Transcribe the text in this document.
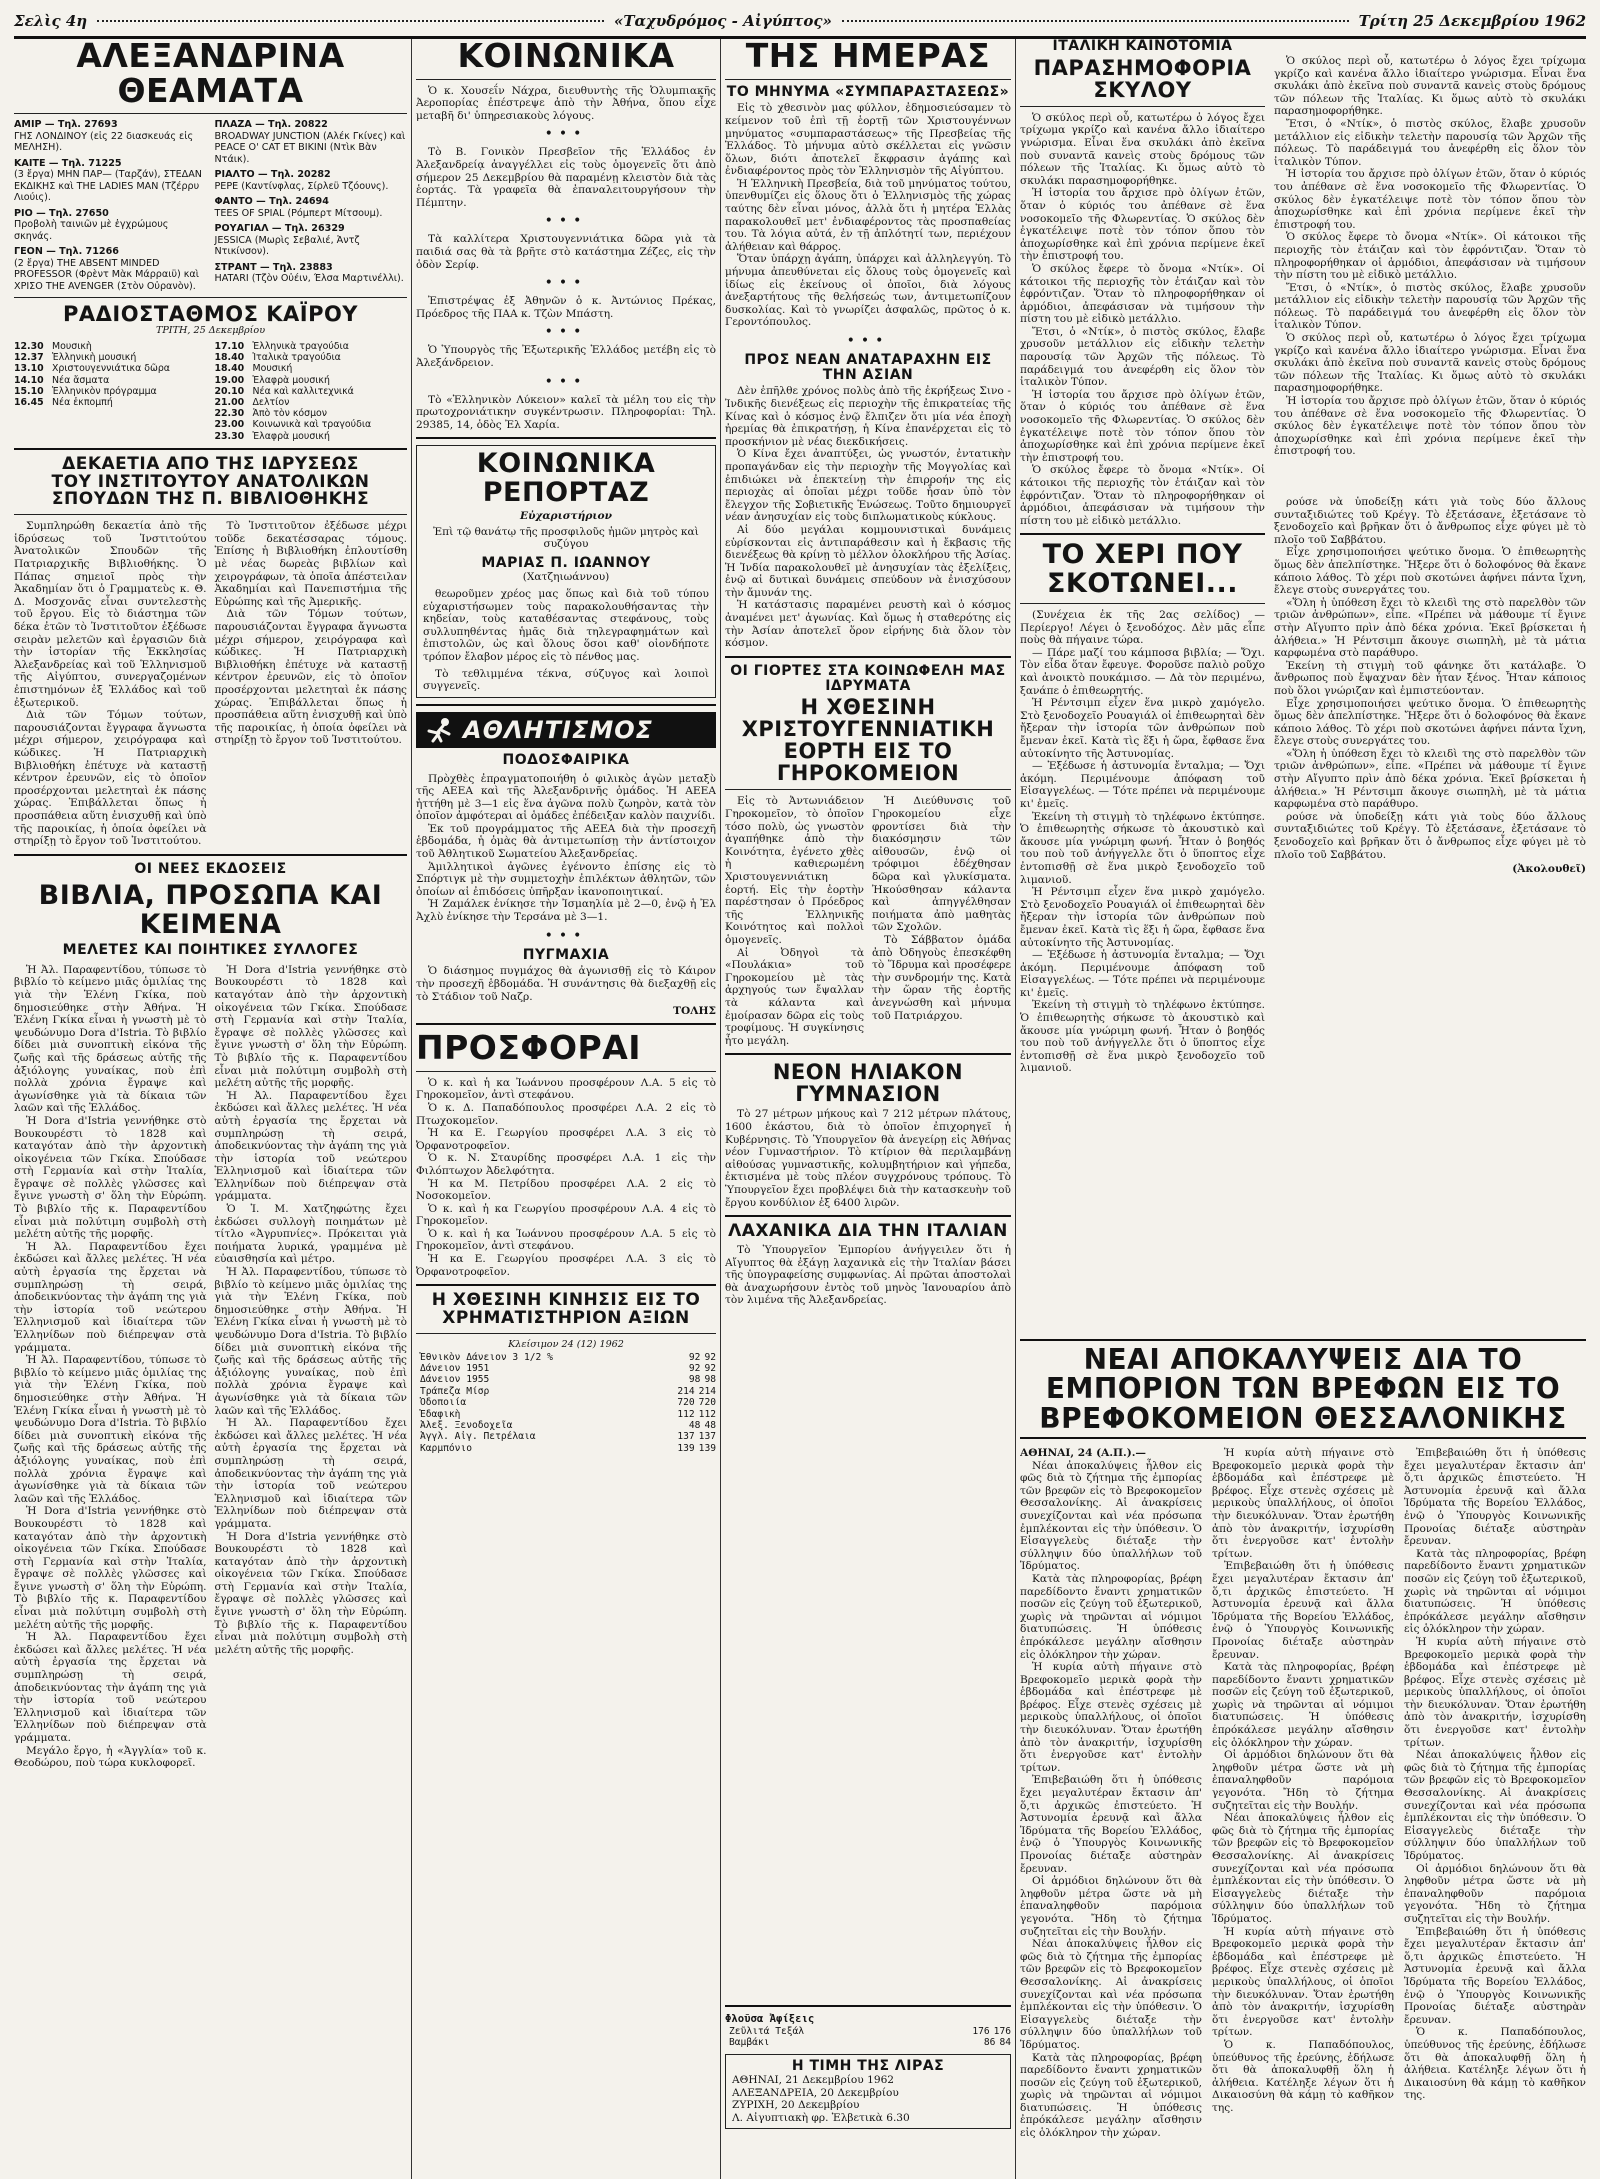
Σελὶς 4η	«Ταχυδρόμος - Αἰγύπτος»	Τρίτη 25 Δεκεμβρίου 1962
ΑΛΕΞΑΝΔΡΙΝΑ ΘΕΑΜΑΤΑ
ΑΜΙΡ — Τηλ. 27693
ΓΗΣ ΛΟΝΔΙΝΟΥ (εἰς 22 διασκευάς εἰς ΜΕΛΗΣΗ).
ΚΑΙΤΕ — Τηλ. 71225
(3 ἔργα) ΜΗΝ ΠΑΡ— (Ταρζάν), ΣΤΕΔΑΝ ΕΚΔΙΚΗΣ καὶ THE LADIES MAN (Τζέρρυ Λιούις).
ΡΙΟ — Τηλ. 27650
Προβολὴ ταινιῶν μὲ ἐγχρώμους σκηνάς.
ΓΕΟΝ — Τηλ. 71266
(2 ἔργα) THE ABSENT MINDED PROFESSOR (Φρὲντ Μὰκ Μάρραιϋ) καὶ ΧΡΙΣΟ THE AVENGER (Στὸν Οὐρανὸν).
ΠΛΑΖΑ — Τηλ. 20822
BROADWAY JUNCTION (Αλέκ Γκίνες) καὶ PEACE O' CAT ET BIKINI (Ντὶκ Βὰν Ντάικ).
ΡΙΑΛΤΟ — Τηλ. 20282
PEPE (Καντίνφλας, Σίρλεϋ Τζόουνς).
ΦΑΝΤΟ — Τηλ. 24694
TEES OF SPIAL (Ρόμπερτ Μίτσουμ).
ΡΟΥΑΓΙΑΛ — Τηλ. 26329
JESSICA (Μωρὶς Σεβαλιέ, Ἀντζ Ντικίνσον).
ΣΤΡΑΝΤ — Τηλ. 23883
HATARI (Τζὸν Οὐέιν, Έλσα Μαρτινέλλι).
ΡΑΔΙΟΣΤΑΘΜΟΣ ΚΑΪΡΟΥ
ΤΡΙΤΗ, 25 Δεκεμβρίου
12.30 Μουσικὴ
12.37 Ἑλληνικὴ μουσική
13.10 Χριστουγεννιάτικα δῶρα
14.10 Νέα ἄσματα
15.10 Ἑλληνικὸν πρόγραμμα
16.45 Νέα ἐκπομπή
17.10 Ἑλληνικὰ τραγούδια
18.40 Ἰταλικὰ τραγούδια
18.40 Μουσική
19.00 Ἐλαφρὰ μουσική
20.10 Νέα καὶ καλλιτεχνικά
21.00 Δελτίον
22.30 Ἀπὸ τὸν κόσμον
23.00 Κοινωνικὰ καὶ τραγούδια
23.30 Ἐλαφρὰ μουσική
ΔΕΚΑΕΤΙΑ ΑΠΟ ΤΗΣ ΙΔΡΥΣΕΩΣ
ΤΟΥ ΙΝΣΤΙΤΟΥΤΟΥ ΑΝΑΤΟΛΙΚΩΝ
ΣΠΟΥΔΩΝ ΤΗΣ Π. ΒΙΒΛΙΟΘΗΚΗΣ

Συμπληρώθη δεκαετία ἀπὸ τῆς ἱδρύσεως τοῦ Ἰνστιτούτου Ἀνατολικῶν Σπουδῶν τῆς Πατριαρχικῆς Βιβλιοθήκης. Ὁ Πάπας σημειοῖ πρὸς τὴν Ἀκαδημίαν ὅτι ὁ Γραμματεὺς κ. Θ. Δ. Μοσχονᾶς εἶναι συντελεστὴς τοῦ ἔργου. Εἰς τὸ διάστημα τῶν δέκα ἐτῶν τὸ Ἰνστιτοῦτον ἐξέδωσε σειρὰν μελετῶν καὶ ἐργασιῶν διὰ τὴν ἱστορίαν τῆς Ἐκκλησίας Ἀλεξανδρείας καὶ τοῦ Ἑλληνισμοῦ τῆς Αἰγύπτου, συνεργαζομένων ἐπιστημόνων ἐξ Ἑλλάδος καὶ τοῦ ἐξωτερικοῦ.

Διὰ τῶν Τόμων τούτων, παρουσιάζονται ἔγγραφα ἄγνωστα μέχρι σήμερον, χειρόγραφα καὶ κώδικες. Ἡ Πατριαρχικὴ Βιβλιοθήκη ἐπέτυχε νὰ καταστῇ κέντρον ἐρευνῶν, εἰς τὸ ὁποῖον προσέρχονται μελετηταὶ ἐκ πάσης χώρας. Ἐπιβάλλεται ὅπως ἡ προσπάθεια αὕτη ἐνισχυθῇ καὶ ὑπὸ τῆς παροικίας, ἡ ὁποία ὀφείλει νὰ στηρίξῃ τὸ ἔργον τοῦ Ἰνστιτούτου.

Τὸ Ἰνστιτοῦτον ἐξέδωσε μέχρι τοῦδε δεκατέσσαρας τόμους. Ἐπίσης ἡ Βιβλιοθήκη ἐπλουτίσθη μὲ νέας δωρεὰς βιβλίων καὶ χειρογράφων, τὰ ὁποῖα ἀπέστειλαν Ἀκαδημίαι καὶ Πανεπιστήμια τῆς Εὐρώπης καὶ τῆς Ἀμερικῆς.

Διὰ τῶν Τόμων τούτων, παρουσιάζονται ἔγγραφα ἄγνωστα μέχρι σήμερον, χειρόγραφα καὶ κώδικες. Ἡ Πατριαρχικὴ Βιβλιοθήκη ἐπέτυχε νὰ καταστῇ κέντρον ἐρευνῶν, εἰς τὸ ὁποῖον προσέρχονται μελετηταὶ ἐκ πάσης χώρας. Ἐπιβάλλεται ὅπως ἡ προσπάθεια αὕτη ἐνισχυθῇ καὶ ὑπὸ τῆς παροικίας, ἡ ὁποία ὀφείλει νὰ στηρίξῃ τὸ ἔργον τοῦ Ἰνστιτούτου.

ΟΙ ΝΕΕΣ ΕΚΔΟΣΕΙΣ
ΒΙΒΛΙΑ, ΠΡΟΣΩΠΑ ΚΑΙ ΚΕΙΜΕΝΑ
ΜΕΛΕΤΕΣ ΚΑΙ ΠΟΙΗΤΙΚΕΣ ΣΥΛΛΟΓΕΣ

Ἡ Ἀλ. Παραφεντίδου, τύπωσε τὸ βιβλίο τὸ κείμενο μιᾶς ὁμιλίας της γιὰ τὴν Ἑλένη Γκίκα, ποὺ δημοσιεύθηκε στὴν Ἀθήνα. Ἡ Ἑλένη Γκίκα εἶναι ἡ γνωστὴ μὲ τὸ ψευδώνυμο Dora d'Istria. Τὸ βιβλίο δίδει μιὰ συνοπτικὴ εἰκόνα τῆς ζωῆς καὶ τῆς δράσεως αὐτῆς τῆς ἀξιόλογης γυναίκας, ποὺ ἐπὶ πολλὰ χρόνια ἔγραψε καὶ ἀγωνίσθηκε γιὰ τὰ δίκαια τῶν λαῶν καὶ τῆς Ἑλλάδος.

Ἡ Dora d'Istria γεννήθηκε στὸ Βουκουρέστι τὸ 1828 καὶ καταγόταν ἀπὸ τὴν ἀρχοντικὴ οἰκογένεια τῶν Γκίκα. Σπούδασε στὴ Γερμανία καὶ στὴν Ἰταλία, ἔγραψε σὲ πολλὲς γλῶσσες καὶ ἔγινε γνωστὴ σ' ὅλη τὴν Εὐρώπη. Τὸ βιβλίο τῆς κ. Παραφεντίδου εἶναι μιὰ πολύτιμη συμβολὴ στὴ μελέτη αὐτῆς τῆς μορφῆς.

Ἡ Ἀλ. Παραφεντίδου ἔχει ἐκδώσει καὶ ἄλλες μελέτες. Ἡ νέα αὐτὴ ἐργασία της ἔρχεται νὰ συμπληρώσῃ τὴ σειρά, ἀποδεικνύοντας τὴν ἀγάπη της γιὰ τὴν ἱστορία τοῦ νεώτερου Ἑλληνισμοῦ καὶ ἰδιαίτερα τῶν Ἑλληνίδων ποὺ διέπρεψαν στὰ γράμματα.

Ἡ Ἀλ. Παραφεντίδου, τύπωσε τὸ βιβλίο τὸ κείμενο μιᾶς ὁμιλίας της γιὰ τὴν Ἑλένη Γκίκα, ποὺ δημοσιεύθηκε στὴν Ἀθήνα. Ἡ Ἑλένη Γκίκα εἶναι ἡ γνωστὴ μὲ τὸ ψευδώνυμο Dora d'Istria. Τὸ βιβλίο δίδει μιὰ συνοπτικὴ εἰκόνα τῆς ζωῆς καὶ τῆς δράσεως αὐτῆς τῆς ἀξιόλογης γυναίκας, ποὺ ἐπὶ πολλὰ χρόνια ἔγραψε καὶ ἀγωνίσθηκε γιὰ τὰ δίκαια τῶν λαῶν καὶ τῆς Ἑλλάδος.

Ἡ Dora d'Istria γεννήθηκε στὸ Βουκουρέστι τὸ 1828 καὶ καταγόταν ἀπὸ τὴν ἀρχοντικὴ οἰκογένεια τῶν Γκίκα. Σπούδασε στὴ Γερμανία καὶ στὴν Ἰταλία, ἔγραψε σὲ πολλὲς γλῶσσες καὶ ἔγινε γνωστὴ σ' ὅλη τὴν Εὐρώπη. Τὸ βιβλίο τῆς κ. Παραφεντίδου εἶναι μιὰ πολύτιμη συμβολὴ στὴ μελέτη αὐτῆς τῆς μορφῆς.

Ἡ Ἀλ. Παραφεντίδου ἔχει ἐκδώσει καὶ ἄλλες μελέτες. Ἡ νέα αὐτὴ ἐργασία της ἔρχεται νὰ συμπληρώσῃ τὴ σειρά, ἀποδεικνύοντας τὴν ἀγάπη της γιὰ τὴν ἱστορία τοῦ νεώτερου Ἑλληνισμοῦ καὶ ἰδιαίτερα τῶν Ἑλληνίδων ποὺ διέπρεψαν στὰ γράμματα.

Μεγάλο ἔργο, ἡ «Ἀγγλία» τοῦ κ. Θεοδώρου, ποὺ τώρα κυκλοφορεῖ.

Ἡ Dora d'Istria γεννήθηκε στὸ Βουκουρέστι τὸ 1828 καὶ καταγόταν ἀπὸ τὴν ἀρχοντικὴ οἰκογένεια τῶν Γκίκα. Σπούδασε στὴ Γερμανία καὶ στὴν Ἰταλία, ἔγραψε σὲ πολλὲς γλῶσσες καὶ ἔγινε γνωστὴ σ' ὅλη τὴν Εὐρώπη. Τὸ βιβλίο τῆς κ. Παραφεντίδου εἶναι μιὰ πολύτιμη συμβολὴ στὴ μελέτη αὐτῆς τῆς μορφῆς.

Ἡ Ἀλ. Παραφεντίδου ἔχει ἐκδώσει καὶ ἄλλες μελέτες. Ἡ νέα αὐτὴ ἐργασία της ἔρχεται νὰ συμπληρώσῃ τὴ σειρά, ἀποδεικνύοντας τὴν ἀγάπη της γιὰ τὴν ἱστορία τοῦ νεώτερου Ἑλληνισμοῦ καὶ ἰδιαίτερα τῶν Ἑλληνίδων ποὺ διέπρεψαν στὰ γράμματα.

Ὁ Ἰ. Μ. Χατζηφώτης ἔχει ἐκδώσει συλλογὴ ποιημάτων μὲ τίτλο «Ἀγρυπνίες». Πρόκειται γιὰ ποιήματα λυρικά, γραμμένα μὲ εὐαισθησία καὶ μέτρο.

Ἡ Ἀλ. Παραφεντίδου, τύπωσε τὸ βιβλίο τὸ κείμενο μιᾶς ὁμιλίας της γιὰ τὴν Ἑλένη Γκίκα, ποὺ δημοσιεύθηκε στὴν Ἀθήνα. Ἡ Ἑλένη Γκίκα εἶναι ἡ γνωστὴ μὲ τὸ ψευδώνυμο Dora d'Istria. Τὸ βιβλίο δίδει μιὰ συνοπτικὴ εἰκόνα τῆς ζωῆς καὶ τῆς δράσεως αὐτῆς τῆς ἀξιόλογης γυναίκας, ποὺ ἐπὶ πολλὰ χρόνια ἔγραψε καὶ ἀγωνίσθηκε γιὰ τὰ δίκαια τῶν λαῶν καὶ τῆς Ἑλλάδος.

Ἡ Ἀλ. Παραφεντίδου ἔχει ἐκδώσει καὶ ἄλλες μελέτες. Ἡ νέα αὐτὴ ἐργασία της ἔρχεται νὰ συμπληρώσῃ τὴ σειρά, ἀποδεικνύοντας τὴν ἀγάπη της γιὰ τὴν ἱστορία τοῦ νεώτερου Ἑλληνισμοῦ καὶ ἰδιαίτερα τῶν Ἑλληνίδων ποὺ διέπρεψαν στὰ γράμματα.

Ἡ Dora d'Istria γεννήθηκε στὸ Βουκουρέστι τὸ 1828 καὶ καταγόταν ἀπὸ τὴν ἀρχοντικὴ οἰκογένεια τῶν Γκίκα. Σπούδασε στὴ Γερμανία καὶ στὴν Ἰταλία, ἔγραψε σὲ πολλὲς γλῶσσες καὶ ἔγινε γνωστὴ σ' ὅλη τὴν Εὐρώπη. Τὸ βιβλίο τῆς κ. Παραφεντίδου εἶναι μιὰ πολύτιμη συμβολὴ στὴ μελέτη αὐτῆς τῆς μορφῆς.

ΚΟΙΝΩΝΙΚΑ

Ὁ κ. Χουσεΐν Νάχρα, διευθυντὴς τῆς Ὀλυμπιακῆς Ἀεροπορίας ἐπέστρεψε ἀπὸ τὴν Ἀθήνα, ὅπου εἶχε μεταβῆ δι' ὑπηρεσιακοὺς λόγους.

•••

Τὸ Β. Γονικὸν Πρεσβεῖον τῆς Ἑλλάδος ἐν Ἀλεξανδρείᾳ ἀναγγέλλει εἰς τοὺς ὁμογενεῖς ὅτι ἀπὸ σήμερον 25 Δεκεμβρίου θὰ παραμένῃ κλειστὸν διὰ τὰς ἑορτάς. Τὰ γραφεῖα θὰ ἐπαναλειτουργήσουν τὴν Πέμπτην.

•••

Τὰ καλλίτερα Χριστουγεννιάτικα δῶρα γιὰ τὰ παιδιά σας θὰ τὰ βρῆτε στὸ κατάστημα Ζέζες, εἰς τὴν ὁδὸν Σερίφ.

•••

Ἐπιστρέψας ἐξ Ἀθηνῶν ὁ κ. Ἀντώνιος Πρέκας, Πρόεδρος τῆς ΠΑΑ κ. Τζὼν Μπάστη.

•••

Ὁ Ὑπουργὸς τῆς Ἐξωτερικῆς Ἑλλάδος μετέβη εἰς τὸ Ἀλεξάνδρειον.

•••

Τὸ «Ἑλληνικὸν Λύκειον» καλεῖ τὰ μέλη του εἰς τὴν πρωτοχρονιάτικην συγκέντρωσιν. Πληροφορίαι: Τηλ. 29385, 14, ὁδὸς Ἐλ Χαρία.

ΚΟΙΝΩΝΙΚΑ ΡΕΠΟΡΤΑΖ
Εὐχαριστήριον

Ἐπὶ τῷ θανάτῳ τῆς προσφιλοῦς ἡμῶν μητρὸς καὶ συζύγου

ΜΑΡΙΑΣ Π. ΙΩΑΝΝΟΥ
(Χατζηιωάννου)

θεωροῦμεν χρέος μας ὅπως καὶ διὰ τοῦ τύπου εὐχαριστήσωμεν τοὺς παρακολουθήσαντας τὴν κηδείαν, τοὺς καταθέσαντας στεφάνους, τοὺς συλλυπηθέντας ἡμᾶς διὰ τηλεγραφημάτων καὶ ἐπιστολῶν, ὡς καὶ ὅλους ὅσοι καθ' οἱονδήποτε τρόπον ἔλαβον μέρος εἰς τὸ πένθος μας.

Τὸ τεθλιμμένα τέκνα, σύζυγος καὶ λοιποὶ συγγενεῖς.

ΑΘΛΗΤΙΣΜΟΣ
ΠΟΔΟΣΦΑΙΡΙΚΑ

Πρὸχθὲς ἐπραγματοποιήθη ὁ φιλικὸς ἀγὼν μεταξὺ τῆς ΑΕΕΑ καὶ τῆς Ἀλεξανδρινῆς ὁμάδος. Ἡ ΑΕΕΑ ἡττήθη μὲ 3—1 εἰς ἕνα ἀγῶνα πολὺ ζωηρὸν, κατὰ τὸν ὁποῖον ἀμφότεραι αἱ ὁμάδες ἐπέδειξαν καλὸν παιχνίδι.

Ἐκ τοῦ προγράμματος τῆς ΑΕΕΑ διὰ τὴν προσεχῆ ἑβδομάδα, ἡ ὁμὰς θὰ ἀντιμετωπίσῃ τὴν ἀντίστοιχον τοῦ Ἀθλητικοῦ Σωματείου Ἀλεξανδρείας.

Ἁμιλλητικοὶ ἀγῶνες ἐγένοντο ἐπίσης εἰς τὸ Σπόρτιγκ μὲ τὴν συμμετοχὴν ἐπιλέκτων ἀθλητῶν, τῶν ὁποίων αἱ ἐπιδόσεις ὑπῆρξαν ἱκανοποιητικαί.

Ἡ Ζαμάλεκ ἐνίκησε τὴν Ἰσμαηλία μὲ 2—0, ἐνῷ ἡ Ἐλ Ἀχλὺ ἐνίκησε τὴν Τερσάνα μὲ 3—1.

•••
ΠΥΓΜΑΧΙΑ

Ὁ διάσημος πυγμάχος θὰ ἀγωνισθῇ εἰς τὸ Κάιρον τὴν προσεχῆ ἑβδομάδα. Ἡ συνάντησις θὰ διεξαχθῇ εἰς τὸ Στάδιον τοῦ Ναζρ.

ΤΟΛΗΣ
ΠΡΟΣΦΟΡΑΙ

Ὁ κ. καὶ ἡ κα Ἰωάννου προσφέρουν Λ.Α. 5 εἰς τὸ Γηροκομεῖον, ἀντὶ στεφάνου.

Ὁ κ. Δ. Παπαδόπουλος προσφέρει Λ.Α. 2 εἰς τὸ Πτωχοκομεῖον.

Ἡ κα Ε. Γεωργίου προσφέρει Λ.Α. 3 εἰς τὸ Ὀρφανοτροφεῖον.

Ὁ κ. Ν. Σταυρίδης προσφέρει Λ.Α. 1 εἰς τὴν Φιλόπτωχον Ἀδελφότητα.

Ἡ κα Μ. Πετρίδου προσφέρει Λ.Α. 2 εἰς τὸ Νοσοκομεῖον.

Ὁ κ. καὶ ἡ κα Γεωργίου προσφέρουν Λ.Α. 4 εἰς τὸ Γηροκομεῖον.

Ὁ κ. καὶ ἡ κα Ἰωάννου προσφέρουν Λ.Α. 5 εἰς τὸ Γηροκομεῖον, ἀντὶ στεφάνου.

Ἡ κα Ε. Γεωργίου προσφέρει Λ.Α. 3 εἰς τὸ Ὀρφανοτροφεῖον.

Η ΧΘΕΣΙΝΗ ΚΙΝΗΣΙΣ ΕΙΣ ΤΟ ΧΡΗΜΑΤΙΣΤΗΡΙΟΝ ΑΞΙΩΝ
Κλείσιμον 24 (12) 1962
Ἐθνικὸν Δάνειον 3 1/2 %	92 92
Δάνειον 1951	92 92
Δάνειον 1955	98 98
Τράπεζα Μίσρ	214 214
Ὀδοποιία	720 720
Ἐδαφικὴ	112 112
Ἀλεξ. Ξενοδοχεῖα	48 48
Ἀγγλ. Αἰγ. Πετρέλαια	137 137
Καρμπόνιο	139 139
ΤΗΣ ΗΜΕΡΑΣ
ΤΟ ΜΗΝΥΜΑ «ΣΥΜΠΑΡΑΣΤΑΣΕΩΣ»

Εἰς τὸ χθεσινὸν μας φύλλον, ἐδημοσιεύσαμεν τὸ κείμενον τοῦ ἐπὶ τῇ ἑορτῇ τῶν Χριστουγέννων μηνύματος «συμπαραστάσεως» τῆς Πρεσβείας τῆς Ἑλλάδος. Τὸ μήνυμα αὐτὸ σκέλλεται εἰς γνῶσιν ὅλων, διότι ἀποτελεῖ ἔκφρασιν ἀγάπης καὶ ἐνδιαφέροντος πρὸς τὸν Ἑλληνισμὸν τῆς Αἰγύπτου.

Ἡ Ἑλληνικὴ Πρεσβεία, διὰ τοῦ μηνύματος τούτου, ὑπενθυμίζει εἰς ὅλους ὅτι ὁ Ἑλληνισμὸς τῆς χώρας ταύτης δὲν εἶναι μόνος, ἀλλὰ ὅτι ἡ μητέρα Ἑλλὰς παρακολουθεῖ μετ' ἐνδιαφέροντος τὰς προσπαθείας του. Τὰ λόγια αὐτά, ἐν τῇ ἁπλότητί των, περιέχουν ἀλήθειαν καὶ θάρρος.

Ὅταν ὑπάρχῃ ἀγάπη, ὑπάρχει καὶ ἀλληλεγγύη. Τὸ μήνυμα ἀπευθύνεται εἰς ὅλους τοὺς ὁμογενεῖς καὶ ἰδίως εἰς ἐκείνους οἱ ὁποῖοι, διὰ λόγους ἀνεξαρτήτους τῆς θελήσεώς των, ἀντιμετωπίζουν δυσκολίας. Καὶ τὸ γνωρίζει ἀσφαλῶς, πρῶτος ὁ κ. Γεροντόπουλος.

•••
ΠΡΟΣ ΝΕΑΝ ΑΝΑΤΑΡΑΧΗΝ ΕΙΣ ΤΗΝ ΑΣΙΑΝ

Δὲν ἐπῆλθε χρόνος πολὺς ἀπὸ τῆς ἐκρήξεως Σινο - Ἰνδικῆς διενέξεως εἰς περιοχὴν τῆς ἐπικρατείας τῆς Κίνας καὶ ὁ κόσμος ἐνῷ ἔλπιζεν ὅτι μία νέα ἐποχὴ ἠρεμίας θὰ ἐπικρατήσῃ, ἡ Κίνα ἐπανέρχεται εἰς τὸ προσκήνιον μὲ νέας διεκδικήσεις.

Ὁ Κίνα ἔχει ἀναπτύξει, ὡς γνωστόν, ἐντατικὴν προπαγάνδαν εἰς τὴν περιοχὴν τῆς Μογγολίας καὶ ἐπιδιώκει νὰ ἐπεκτείνῃ τὴν ἐπιρροήν της εἰς περιοχὰς αἱ ὁποῖαι μέχρι τοῦδε ἦσαν ὑπὸ τὸν ἔλεγχον τῆς Σοβιετικῆς Ἑνώσεως. Τοῦτο δημιουργεῖ νέαν ἀνησυχίαν εἰς τοὺς διπλωματικοὺς κύκλους.

Αἱ δύο μεγάλαι κομμουνιστικαὶ δυνάμεις εὑρίσκονται εἰς ἀντιπαράθεσιν καὶ ἡ ἔκβασις τῆς διενέξεως θὰ κρίνῃ τὸ μέλλον ὁλοκλήρου τῆς Ἀσίας. Ἡ Ἰνδία παρακολουθεῖ μὲ ἀνησυχίαν τὰς ἐξελίξεις, ἐνῷ αἱ δυτικαὶ δυνάμεις σπεύδουν νὰ ἐνισχύσουν τὴν ἄμυνάν της.

Ἡ κατάστασις παραμένει ρευστὴ καὶ ὁ κόσμος ἀναμένει μετ' ἀγωνίας. Καὶ ὅμως ἡ σταθερότης εἰς τὴν Ἀσίαν ἀποτελεῖ ὅρον εἰρήνης διὰ ὅλον τὸν κόσμον.

ΟΙ ΓΙΟΡΤΕΣ ΣΤΑ ΚΟΙΝΩΦΕΛΗ ΜΑΣ ΙΔΡΥΜΑΤΑ
Η ΧΘΕΣΙΝΗ ΧΡΙΣΤΟΥΓΕΝΝΙΑΤΙΚΗ ΕΟΡΤΗ ΕΙΣ ΤΟ ΓΗΡΟΚΟΜΕΙΟΝ

Εἰς τὸ Ἀντωνιάδειον Γηροκομεῖον, τὸ ὁποῖον τόσο πολὺ, ὡς γνωστὸν ἀγαπήθηκε ἀπὸ τὴν Κοινότητα, ἐγένετο χθὲς ἡ καθιερωμένη Χριστουγεννιάτικη ἑορτή. Εἰς τὴν ἑορτὴν παρέστησαν ὁ Πρόεδρος τῆς Ἑλληνικῆς Κοινότητος καὶ πολλοὶ ὁμογενεῖς.

Αἱ Ὀδηγοὶ τὰ «Πουλάκια» τοῦ Γηροκομείου μὲ τὰς ἀρχηγούς των ἔψαλλαν τὰ κάλαντα καὶ ἐμοίρασαν δῶρα εἰς τοὺς τροφίμους. Ἡ συγκίνησις ἦτο μεγάλη.

Ἡ Διεύθυνσις τοῦ Γηροκομείου εἶχε φροντίσει διὰ τὴν διακόσμησιν τῶν αἰθουσῶν, ἐνῷ οἱ τρόφιμοι ἐδέχθησαν δῶρα καὶ γλυκίσματα. Ἠκούσθησαν κάλαντα καὶ ἀπηγγέλθησαν ποιήματα ἀπὸ μαθητὰς τῶν Σχολῶν.

Τὸ Σάββατον ὁμάδα ἀπὸ Ὀδηγοὺς ἐπεσκέφθη τὸ Ἵδρυμα καὶ προσέφερε τὴν συνδρομήν της. Κατὰ τὴν ὥραν τῆς ἑορτῆς ἀνεγνώσθη καὶ μήνυμα τοῦ Πατριάρχου.

ΝΕΟΝ ΗΛΙΑΚΟΝ ΓΥΜΝΑΣΙΟΝ

Τὸ 27 μέτρων μήκους καὶ 7 212 μέτρων πλάτους, 1600 ἑκάστου, διὰ τὸ ὁποῖον ἐπιχορηγεῖ ἡ Κυβέρνησις. Τὸ Ὑπουργεῖον θὰ ἀνεγείρῃ εἰς Ἀθήνας νέον Γυμναστήριον. Τὸ κτίριον θὰ περιλαμβάνῃ αἰθούσας γυμναστικῆς, κολυμβητήριον καὶ γήπεδα, ἐκτισμένα μὲ τοὺς πλέον συγχρόνους τρόπους. Τὸ Ὑπουργεῖον ἔχει προβλέψει διὰ τὴν κατασκευὴν τοῦ ἔργου κονδύλιον ἐξ 6400 λιρῶν.

ΛΑΧΑΝΙΚΑ ΔΙΑ ΤΗΝ ΙΤΑΛΙΑΝ

Τὸ Ὑπουργεῖον Ἐμπορίου ἀνήγγειλεν ὅτι ἡ Αἴγυπτος θὰ ἐξάγῃ λαχανικὰ εἰς τὴν Ἰταλίαν βάσει τῆς ὑπογραφείσης συμφωνίας. Αἱ πρῶται ἀποστολαὶ θὰ ἀναχωρήσουν ἐντὸς τοῦ μηνὸς Ἰανουαρίου ἀπὸ τὸν λιμένα τῆς Ἀλεξανδρείας.

ΙΤΑΛΙΚΗ ΚΑΙΝΟΤΟΜΙΑ
ΠΑΡΑΣΗΜΟΦΟΡΙΑ ΣΚΥΛΟΥ

Ὁ σκύλος περὶ οὗ, κατωτέρω ὁ λόγος ἔχει τρίχωμα γκρίζο καὶ κανένα ἄλλο ἰδιαίτερο γνώρισμα. Εἶναι ἕνα σκυλάκι ἀπὸ ἐκεῖνα ποὺ συναντᾶ κανεὶς στοὺς δρόμους τῶν πόλεων τῆς Ἰταλίας. Κι ὅμως αὐτὸ τὸ σκυλάκι παρασημοφορήθηκε.

Ἡ ἱστορία του ἄρχισε πρὸ ὀλίγων ἐτῶν, ὅταν ὁ κύριός του ἀπέθανε σὲ ἕνα νοσοκομεῖο τῆς Φλωρεντίας. Ὁ σκύλος δὲν ἐγκατέλειψε ποτὲ τὸν τόπον ὅπου τὸν ἀποχωρίσθηκε καὶ ἐπὶ χρόνια περίμενε ἐκεῖ τὴν ἐπιστροφή του.

Ὁ σκύλος ἔφερε τὸ ὄνομα «Ντίκ». Οἱ κάτοικοι τῆς περιοχῆς τὸν ἐτάιζαν καὶ τὸν ἐφρόντιζαν. Ὅταν τὸ πληροφορήθηκαν οἱ ἁρμόδιοι, ἀπεφάσισαν νὰ τιμήσουν τὴν πίστη του μὲ εἰδικὸ μετάλλιο.

Ἔτσι, ὁ «Ντίκ», ὁ πιστὸς σκύλος, ἔλαβε χρυσοῦν μετάλλιον εἰς εἰδικὴν τελετὴν παρουσίᾳ τῶν Ἀρχῶν τῆς πόλεως. Τὸ παράδειγμά του ἀνεφέρθη εἰς ὅλον τὸν ἰταλικὸν Τύπον.

Ἡ ἱστορία του ἄρχισε πρὸ ὀλίγων ἐτῶν, ὅταν ὁ κύριός του ἀπέθανε σὲ ἕνα νοσοκομεῖο τῆς Φλωρεντίας. Ὁ σκύλος δὲν ἐγκατέλειψε ποτὲ τὸν τόπον ὅπου τὸν ἀποχωρίσθηκε καὶ ἐπὶ χρόνια περίμενε ἐκεῖ τὴν ἐπιστροφή του.

Ὁ σκύλος ἔφερε τὸ ὄνομα «Ντίκ». Οἱ κάτοικοι τῆς περιοχῆς τὸν ἐτάιζαν καὶ τὸν ἐφρόντιζαν. Ὅταν τὸ πληροφορήθηκαν οἱ ἁρμόδιοι, ἀπεφάσισαν νὰ τιμήσουν τὴν πίστη του μὲ εἰδικὸ μετάλλιο.

ΤΟ ΧΕΡΙ ΠΟΥ ΣΚΟΤΩΝΕΙ...

(Συνέχεια ἐκ τῆς 2ας σελίδος) — Περίεργο! Λέγει ὁ ξενοδόχος. Δὲν μᾶς εἶπε ποὺς θὰ πήγαινε τώρα.

— Πάρε μαζί του κάμποσα βιβλία; — Ὄχι. Τὸν εἶδα ὅταν ἔφευγε. Φοροῦσε παλιὸ ροῦχο καὶ ἀνοικτὸ πουκάμισο. — Δὰ τὸν περιμένω, ξανάπε ὁ ἐπιθεωρητής.

Ἡ Ρέντσιμπ εἶχεν ἕνα μικρὸ χαμόγελο. Στὸ ξενοδοχεῖο Ρουαγιάλ οἱ ἐπιθεωρηταὶ δὲν ἤξεραν τὴν ἱστορία τῶν ἀνθρώπων ποὺ ἔμεναν ἐκεῖ. Κατὰ τὶς ἕξι ἡ ὥρα, ἔφθασε ἕνα αὐτοκίνητο τῆς Ἀστυνομίας.

— Ἐξέδωσε ἡ ἀστυνομία ἔνταλμα; — Ὄχι ἀκόμη. Περιμένουμε ἀπόφαση τοῦ Εἰσαγγελέως. — Τότε πρέπει νὰ περιμένουμε κι' ἐμεῖς.

Ἐκείνη τὴ στιγμὴ τὸ τηλέφωνο ἐκτύπησε. Ὁ ἐπιθεωρητὴς σήκωσε τὸ ἀκουστικὸ καὶ ἄκουσε μία γνώριμη φωνή. Ἦταν ὁ βοηθός του ποὺ τοῦ ἀνήγγελλε ὅτι ὁ ὕποπτος εἶχε ἐντοπισθῇ σὲ ἕνα μικρὸ ξενοδοχεῖο τοῦ λιμανιοῦ.

Ἡ Ρέντσιμπ εἶχεν ἕνα μικρὸ χαμόγελο. Στὸ ξενοδοχεῖο Ρουαγιάλ οἱ ἐπιθεωρηταὶ δὲν ἤξεραν τὴν ἱστορία τῶν ἀνθρώπων ποὺ ἔμεναν ἐκεῖ. Κατὰ τὶς ἕξι ἡ ὥρα, ἔφθασε ἕνα αὐτοκίνητο τῆς Ἀστυνομίας.

— Ἐξέδωσε ἡ ἀστυνομία ἔνταλμα; — Ὄχι ἀκόμη. Περιμένουμε ἀπόφαση τοῦ Εἰσαγγελέως. — Τότε πρέπει νὰ περιμένουμε κι' ἐμεῖς.

Ἐκείνη τὴ στιγμὴ τὸ τηλέφωνο ἐκτύπησε. Ὁ ἐπιθεωρητὴς σήκωσε τὸ ἀκουστικὸ καὶ ἄκουσε μία γνώριμη φωνή. Ἦταν ὁ βοηθός του ποὺ τοῦ ἀνήγγελλε ὅτι ὁ ὕποπτος εἶχε ἐντοπισθῇ σὲ ἕνα μικρὸ ξενοδοχεῖο τοῦ λιμανιοῦ.

Ὁ σκύλος περὶ οὗ, κατωτέρω ὁ λόγος ἔχει τρίχωμα γκρίζο καὶ κανένα ἄλλο ἰδιαίτερο γνώρισμα. Εἶναι ἕνα σκυλάκι ἀπὸ ἐκεῖνα ποὺ συναντᾶ κανεὶς στοὺς δρόμους τῶν πόλεων τῆς Ἰταλίας. Κι ὅμως αὐτὸ τὸ σκυλάκι παρασημοφορήθηκε.

Ἔτσι, ὁ «Ντίκ», ὁ πιστὸς σκύλος, ἔλαβε χρυσοῦν μετάλλιον εἰς εἰδικὴν τελετὴν παρουσίᾳ τῶν Ἀρχῶν τῆς πόλεως. Τὸ παράδειγμά του ἀνεφέρθη εἰς ὅλον τὸν ἰταλικὸν Τύπον.

Ἡ ἱστορία του ἄρχισε πρὸ ὀλίγων ἐτῶν, ὅταν ὁ κύριός του ἀπέθανε σὲ ἕνα νοσοκομεῖο τῆς Φλωρεντίας. Ὁ σκύλος δὲν ἐγκατέλειψε ποτὲ τὸν τόπον ὅπου τὸν ἀποχωρίσθηκε καὶ ἐπὶ χρόνια περίμενε ἐκεῖ τὴν ἐπιστροφή του.

Ὁ σκύλος ἔφερε τὸ ὄνομα «Ντίκ». Οἱ κάτοικοι τῆς περιοχῆς τὸν ἐτάιζαν καὶ τὸν ἐφρόντιζαν. Ὅταν τὸ πληροφορήθηκαν οἱ ἁρμόδιοι, ἀπεφάσισαν νὰ τιμήσουν τὴν πίστη του μὲ εἰδικὸ μετάλλιο.

Ἔτσι, ὁ «Ντίκ», ὁ πιστὸς σκύλος, ἔλαβε χρυσοῦν μετάλλιον εἰς εἰδικὴν τελετὴν παρουσίᾳ τῶν Ἀρχῶν τῆς πόλεως. Τὸ παράδειγμά του ἀνεφέρθη εἰς ὅλον τὸν ἰταλικὸν Τύπον.

Ὁ σκύλος περὶ οὗ, κατωτέρω ὁ λόγος ἔχει τρίχωμα γκρίζο καὶ κανένα ἄλλο ἰδιαίτερο γνώρισμα. Εἶναι ἕνα σκυλάκι ἀπὸ ἐκεῖνα ποὺ συναντᾶ κανεὶς στοὺς δρόμους τῶν πόλεων τῆς Ἰταλίας. Κι ὅμως αὐτὸ τὸ σκυλάκι παρασημοφορήθηκε.

Ἡ ἱστορία του ἄρχισε πρὸ ὀλίγων ἐτῶν, ὅταν ὁ κύριός του ἀπέθανε σὲ ἕνα νοσοκομεῖο τῆς Φλωρεντίας. Ὁ σκύλος δὲν ἐγκατέλειψε ποτὲ τὸν τόπον ὅπου τὸν ἀποχωρίσθηκε καὶ ἐπὶ χρόνια περίμενε ἐκεῖ τὴν ἐπιστροφή του.

ρούσε νὰ ὑποδείξῃ κάτι γιὰ τοὺς δύο ἄλλους συνταξιδιώτες τοῦ Κρέγγ. Τὸ ἐξετάσανε, ἐξετάσανε τὸ ξενοδοχεῖο καὶ βρῆκαν ὅτι ὁ ἄνθρωπος εἶχε φύγει μὲ τὸ πλοῖο τοῦ Σαββάτου.

Εἶχε χρησιμοποιήσει ψεύτικο ὄνομα. Ὁ ἐπιθεωρητὴς ὅμως δὲν ἀπελπίστηκε. Ἤξερε ὅτι ὁ δολοφόνος θὰ ἔκανε κάποιο λάθος. Τὸ χέρι ποὺ σκοτώνει ἀφήνει πάντα ἴχνη, ἔλεγε στοὺς συνεργάτες του.

«Ὅλη ἡ ὑπόθεση ἔχει τὸ κλειδὶ της στὸ παρελθὸν τῶν τριῶν ἀνθρώπων», εἶπε. «Πρέπει νὰ μάθουμε τί ἔγινε στὴν Αἴγυπτο πρὶν ἀπὸ δέκα χρόνια. Ἐκεῖ βρίσκεται ἡ ἀλήθεια.» Ἡ Ρέντσιμπ ἄκουγε σιωπηλὴ, μὲ τὰ μάτια καρφωμένα στὸ παράθυρο.

Ἐκείνη τὴ στιγμὴ τοῦ φάνηκε ὅτι κατάλαβε. Ὁ ἄνθρωπος ποὺ ἔψαχναν δὲν ἦταν ξένος. Ἦταν κάποιος ποὺ ὅλοι γνώριζαν καὶ ἐμπιστεύονταν.

Εἶχε χρησιμοποιήσει ψεύτικο ὄνομα. Ὁ ἐπιθεωρητὴς ὅμως δὲν ἀπελπίστηκε. Ἤξερε ὅτι ὁ δολοφόνος θὰ ἔκανε κάποιο λάθος. Τὸ χέρι ποὺ σκοτώνει ἀφήνει πάντα ἴχνη, ἔλεγε στοὺς συνεργάτες του.

«Ὅλη ἡ ὑπόθεση ἔχει τὸ κλειδὶ της στὸ παρελθὸν τῶν τριῶν ἀνθρώπων», εἶπε. «Πρέπει νὰ μάθουμε τί ἔγινε στὴν Αἴγυπτο πρὶν ἀπὸ δέκα χρόνια. Ἐκεῖ βρίσκεται ἡ ἀλήθεια.» Ἡ Ρέντσιμπ ἄκουγε σιωπηλὴ, μὲ τὰ μάτια καρφωμένα στὸ παράθυρο.

ρούσε νὰ ὑποδείξῃ κάτι γιὰ τοὺς δύο ἄλλους συνταξιδιώτες τοῦ Κρέγγ. Τὸ ἐξετάσανε, ἐξετάσανε τὸ ξενοδοχεῖο καὶ βρῆκαν ὅτι ὁ ἄνθρωπος εἶχε φύγει μὲ τὸ πλοῖο τοῦ Σαββάτου.

(Ἀκολουθεῖ)
ΝΕΑΙ ΑΠΟΚΑΛΥΨΕΙΣ ΔΙΑ ΤΟ ΕΜΠΟΡΙΟΝ ΤΩΝ ΒΡΕΦΩΝ ΕΙΣ ΤΟ ΒΡΕΦΟΚΟΜΕΙΟΝ ΘΕΣΣΑΛΟΝΙΚΗΣ
ΑΘΗΝΑΙ, 24 (Α.Π.).—

Νέαι ἀποκαλύψεις ἦλθον εἰς φῶς διὰ τὸ ζήτημα τῆς ἐμπορίας τῶν βρεφῶν εἰς τὸ Βρεφοκομεῖον Θεσσαλονίκης. Αἱ ἀνακρίσεις συνεχίζονται καὶ νέα πρόσωπα ἐμπλέκονται εἰς τὴν ὑπόθεσιν. Ὁ Εἰσαγγελεὺς διέταξε τὴν σύλληψιν δύο ὑπαλλήλων τοῦ Ἱδρύματος.

Κατὰ τὰς πληροφορίας, βρέφη παρεδίδοντο ἔναντι χρηματικῶν ποσῶν εἰς ζεύγη τοῦ ἐξωτερικοῦ, χωρὶς νὰ τηρῶνται αἱ νόμιμοι διατυπώσεις. Ἡ ὑπόθεσις ἐπρόκάλεσε μεγάλην αἴσθησιν εἰς ὁλόκληρον τὴν χώραν.

Ἡ κυρία αὐτὴ πήγαινε στὸ Βρεφοκομεῖο μερικὰ φορὰ τὴν ἑβδομάδα καὶ ἐπέστρεφε μὲ βρέφος. Εἶχε στενὲς σχέσεις μὲ μερικοὺς ὑπαλλήλους, οἱ ὁποῖοι τὴν διευκόλυναν. Ὅταν ἐρωτήθη ἀπὸ τὸν ἀνακριτήν, ἰσχυρίσθη ὅτι ἐνεργοῦσε κατ' ἐντολὴν τρίτων.

Ἐπιβεβαιώθη ὅτι ἡ ὑπόθεσις ἔχει μεγαλυτέραν ἔκτασιν ἀπ' ὅ,τι ἀρχικῶς ἐπιστεύετο. Ἡ Ἀστυνομία ἐρευνᾷ καὶ ἄλλα Ἱδρύματα τῆς Βορείου Ἑλλάδος, ἐνῷ ὁ Ὑπουργὸς Κοινωνικῆς Προνοίας διέταξε αὐστηρὰν ἔρευναν.

Οἱ ἁρμόδιοι δηλώνουν ὅτι θὰ ληφθοῦν μέτρα ὥστε νὰ μὴ ἐπαναληφθοῦν παρόμοια γεγονότα. Ἤδη τὸ ζήτημα συζητεῖται εἰς τὴν Βουλήν.

Νέαι ἀποκαλύψεις ἦλθον εἰς φῶς διὰ τὸ ζήτημα τῆς ἐμπορίας τῶν βρεφῶν εἰς τὸ Βρεφοκομεῖον Θεσσαλονίκης. Αἱ ἀνακρίσεις συνεχίζονται καὶ νέα πρόσωπα ἐμπλέκονται εἰς τὴν ὑπόθεσιν. Ὁ Εἰσαγγελεὺς διέταξε τὴν σύλληψιν δύο ὑπαλλήλων τοῦ Ἱδρύματος.

Κατὰ τὰς πληροφορίας, βρέφη παρεδίδοντο ἔναντι χρηματικῶν ποσῶν εἰς ζεύγη τοῦ ἐξωτερικοῦ, χωρὶς νὰ τηρῶνται αἱ νόμιμοι διατυπώσεις. Ἡ ὑπόθεσις ἐπρόκάλεσε μεγάλην αἴσθησιν εἰς ὁλόκληρον τὴν χώραν.

Ἡ κυρία αὐτὴ πήγαινε στὸ Βρεφοκομεῖο μερικὰ φορὰ τὴν ἑβδομάδα καὶ ἐπέστρεφε μὲ βρέφος. Εἶχε στενὲς σχέσεις μὲ μερικοὺς ὑπαλλήλους, οἱ ὁποῖοι τὴν διευκόλυναν. Ὅταν ἐρωτήθη ἀπὸ τὸν ἀνακριτήν, ἰσχυρίσθη ὅτι ἐνεργοῦσε κατ' ἐντολὴν τρίτων.

Ἐπιβεβαιώθη ὅτι ἡ ὑπόθεσις ἔχει μεγαλυτέραν ἔκτασιν ἀπ' ὅ,τι ἀρχικῶς ἐπιστεύετο. Ἡ Ἀστυνομία ἐρευνᾷ καὶ ἄλλα Ἱδρύματα τῆς Βορείου Ἑλλάδος, ἐνῷ ὁ Ὑπουργὸς Κοινωνικῆς Προνοίας διέταξε αὐστηρὰν ἔρευναν.

Κατὰ τὰς πληροφορίας, βρέφη παρεδίδοντο ἔναντι χρηματικῶν ποσῶν εἰς ζεύγη τοῦ ἐξωτερικοῦ, χωρὶς νὰ τηρῶνται αἱ νόμιμοι διατυπώσεις. Ἡ ὑπόθεσις ἐπρόκάλεσε μεγάλην αἴσθησιν εἰς ὁλόκληρον τὴν χώραν.

Οἱ ἁρμόδιοι δηλώνουν ὅτι θὰ ληφθοῦν μέτρα ὥστε νὰ μὴ ἐπαναληφθοῦν παρόμοια γεγονότα. Ἤδη τὸ ζήτημα συζητεῖται εἰς τὴν Βουλήν.

Νέαι ἀποκαλύψεις ἦλθον εἰς φῶς διὰ τὸ ζήτημα τῆς ἐμπορίας τῶν βρεφῶν εἰς τὸ Βρεφοκομεῖον Θεσσαλονίκης. Αἱ ἀνακρίσεις συνεχίζονται καὶ νέα πρόσωπα ἐμπλέκονται εἰς τὴν ὑπόθεσιν. Ὁ Εἰσαγγελεὺς διέταξε τὴν σύλληψιν δύο ὑπαλλήλων τοῦ Ἱδρύματος.

Ἡ κυρία αὐτὴ πήγαινε στὸ Βρεφοκομεῖο μερικὰ φορὰ τὴν ἑβδομάδα καὶ ἐπέστρεφε μὲ βρέφος. Εἶχε στενὲς σχέσεις μὲ μερικοὺς ὑπαλλήλους, οἱ ὁποῖοι τὴν διευκόλυναν. Ὅταν ἐρωτήθη ἀπὸ τὸν ἀνακριτήν, ἰσχυρίσθη ὅτι ἐνεργοῦσε κατ' ἐντολὴν τρίτων.

Ὁ κ. Παπαδόπουλος, ὑπεύθυνος τῆς ἐρεύνης, ἐδήλωσε ὅτι θὰ ἀποκαλυφθῇ ὅλη ἡ ἀλήθεια. Κατέληξε λέγων ὅτι ἡ Δικαιοσύνη θὰ κάμῃ τὸ καθῆκον της.

Ἐπιβεβαιώθη ὅτι ἡ ὑπόθεσις ἔχει μεγαλυτέραν ἔκτασιν ἀπ' ὅ,τι ἀρχικῶς ἐπιστεύετο. Ἡ Ἀστυνομία ἐρευνᾷ καὶ ἄλλα Ἱδρύματα τῆς Βορείου Ἑλλάδος, ἐνῷ ὁ Ὑπουργὸς Κοινωνικῆς Προνοίας διέταξε αὐστηρὰν ἔρευναν.

Κατὰ τὰς πληροφορίας, βρέφη παρεδίδοντο ἔναντι χρηματικῶν ποσῶν εἰς ζεύγη τοῦ ἐξωτερικοῦ, χωρὶς νὰ τηρῶνται αἱ νόμιμοι διατυπώσεις. Ἡ ὑπόθεσις ἐπρόκάλεσε μεγάλην αἴσθησιν εἰς ὁλόκληρον τὴν χώραν.

Ἡ κυρία αὐτὴ πήγαινε στὸ Βρεφοκομεῖο μερικὰ φορὰ τὴν ἑβδομάδα καὶ ἐπέστρεφε μὲ βρέφος. Εἶχε στενὲς σχέσεις μὲ μερικοὺς ὑπαλλήλους, οἱ ὁποῖοι τὴν διευκόλυναν. Ὅταν ἐρωτήθη ἀπὸ τὸν ἀνακριτήν, ἰσχυρίσθη ὅτι ἐνεργοῦσε κατ' ἐντολὴν τρίτων.

Νέαι ἀποκαλύψεις ἦλθον εἰς φῶς διὰ τὸ ζήτημα τῆς ἐμπορίας τῶν βρεφῶν εἰς τὸ Βρεφοκομεῖον Θεσσαλονίκης. Αἱ ἀνακρίσεις συνεχίζονται καὶ νέα πρόσωπα ἐμπλέκονται εἰς τὴν ὑπόθεσιν. Ὁ Εἰσαγγελεὺς διέταξε τὴν σύλληψιν δύο ὑπαλλήλων τοῦ Ἱδρύματος.

Οἱ ἁρμόδιοι δηλώνουν ὅτι θὰ ληφθοῦν μέτρα ὥστε νὰ μὴ ἐπαναληφθοῦν παρόμοια γεγονότα. Ἤδη τὸ ζήτημα συζητεῖται εἰς τὴν Βουλήν.

Ἐπιβεβαιώθη ὅτι ἡ ὑπόθεσις ἔχει μεγαλυτέραν ἔκτασιν ἀπ' ὅ,τι ἀρχικῶς ἐπιστεύετο. Ἡ Ἀστυνομία ἐρευνᾷ καὶ ἄλλα Ἱδρύματα τῆς Βορείου Ἑλλάδος, ἐνῷ ὁ Ὑπουργὸς Κοινωνικῆς Προνοίας διέταξε αὐστηρὰν ἔρευναν.

Ὁ κ. Παπαδόπουλος, ὑπεύθυνος τῆς ἐρεύνης, ἐδήλωσε ὅτι θὰ ἀποκαλυφθῇ ὅλη ἡ ἀλήθεια. Κατέληξε λέγων ὅτι ἡ Δικαιοσύνη θὰ κάμῃ τὸ καθῆκον της.

Φλοῦσα Ἀφίξεις
Ζεῦλιτά Τεξάλ	176 176
Βαμβάκι	86 84
Η ΤΙΜΗ ΤΗΣ ΛΙΡΑΣ
ΑΘΗΝΑΙ, 21 Δεκεμβρίου 1962
ΑΛΕΞΑΝΔΡΕΙΑ, 20 Δεκεμβρίου
ΖΥΡΙΧΗ, 20 Δεκεμβρίου
Λ. Αἰγυπτιακὴ φρ. Ἑλβετικὰ 6.30
